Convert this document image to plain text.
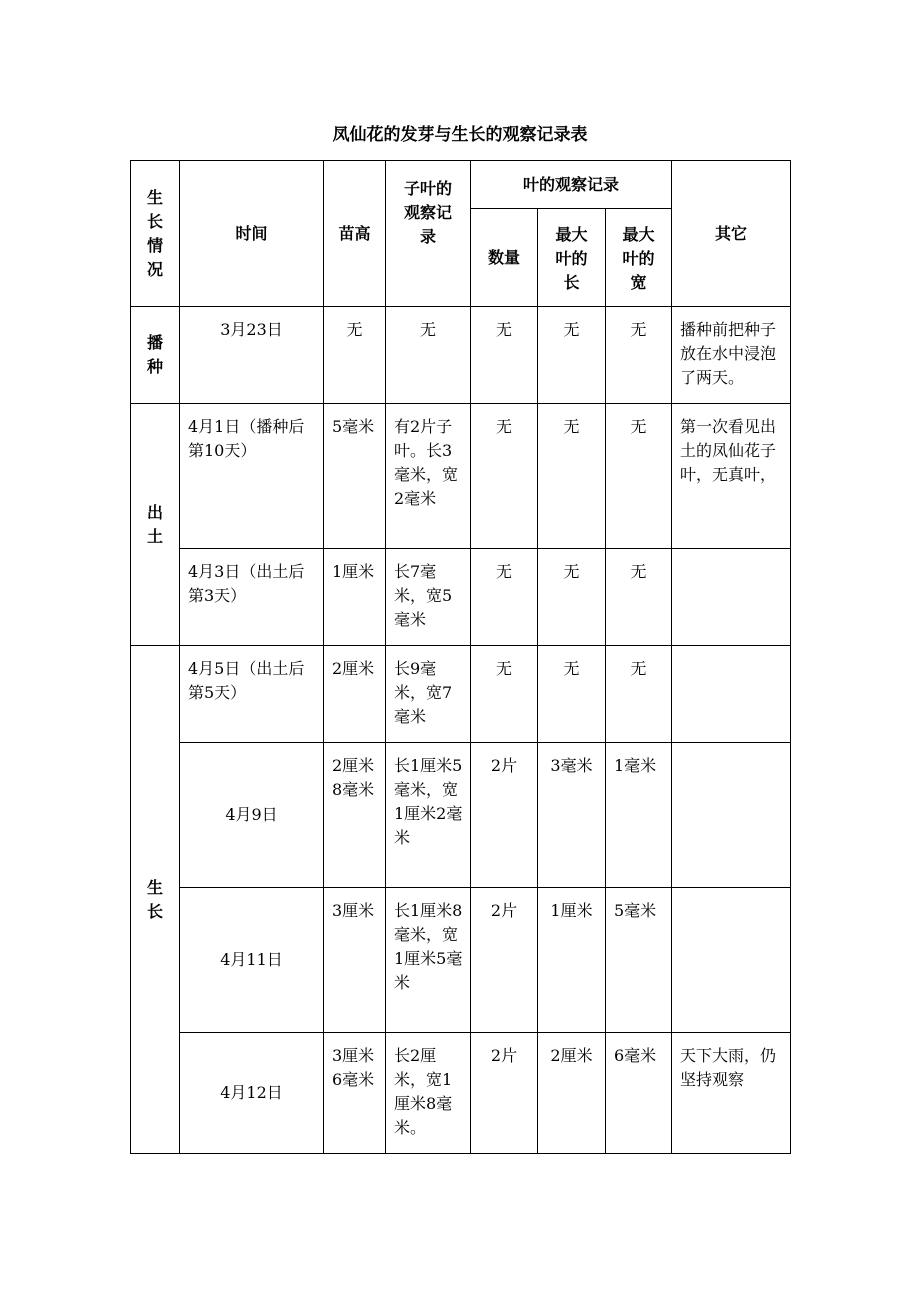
凤仙花的发芽与生长的观察记录表
生长情况	时间	苗高	子叶的观察记录	叶的观察记录			其它
				数量	最大叶的长	最大叶的宽	
播种	3月23日	无	无	无	无	无	播种前把种子放在水中浸泡了两天。
出土	4月1日（播种后第10天）	5毫米	有2片子叶。长3毫米，宽2毫米	无	无	无	第一次看见出土的凤仙花子叶，无真叶，
	4月3日（出土后第3天）	1厘米	长7毫米，宽5毫米	无	无	无	
生长	4月5日（出土后第5天）	2厘米	长9毫米，宽7毫米	无	无	无	
	4月9日	2厘米8毫米	长1厘米5毫米，宽1厘米2毫米	2片	3毫米	1毫米	
	4月11日	3厘米	长1厘米8毫米，宽1厘米5毫米	2片	1厘米	5毫米	
	4月12日	3厘米6毫米	长2厘米，宽1厘米8毫米。	2片	2厘米	6毫米	天下大雨，仍坚持观察
